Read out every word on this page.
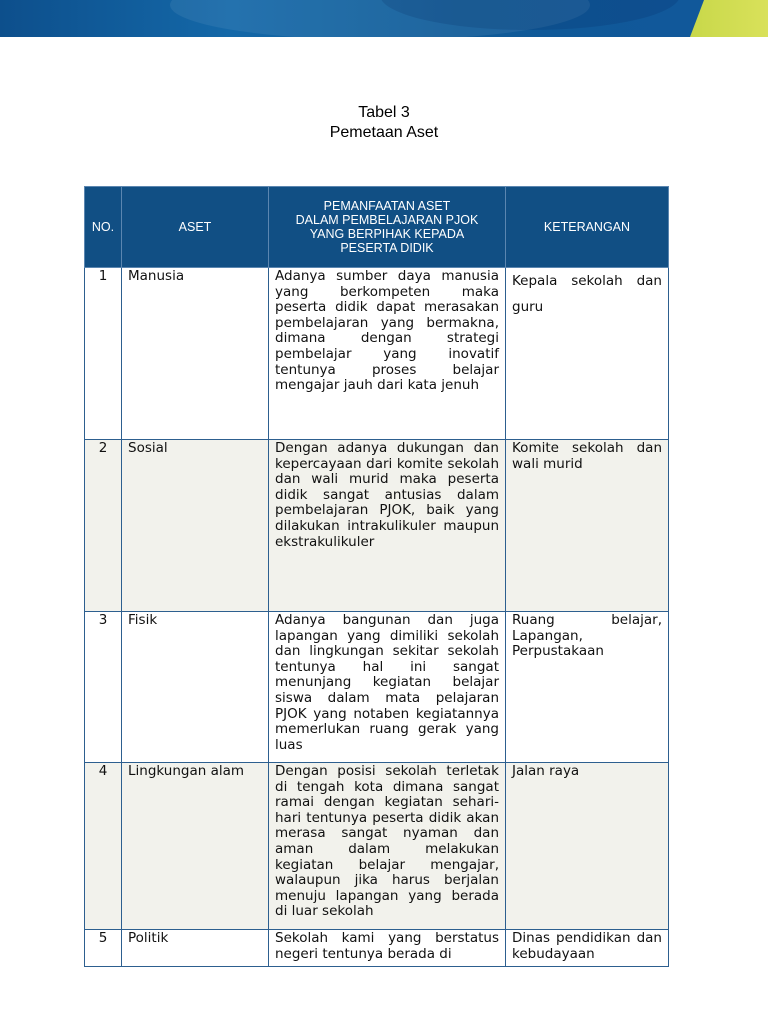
Tabel 3
Pemetaan Aset
NO.	ASET	PEMANFAATAN ASET
DALAM PEMBELAJARAN PJOK
YANG BERPIHAK KEPADA
PESERTA DIDIK	KETERANGAN
1	Manusia	Adanya sumber daya manusia yang berkompeten maka peserta didik dapat merasakan pembelajaran yang bermakna, dimana dengan strategi pembelajar yang inovatif tentunya proses belajar mengajar jauh dari kata jenuh	Kepala sekolah dan guru
2	Sosial	Dengan adanya dukungan dan kepercayaan dari komite sekolah dan wali murid maka peserta didik sangat antusias dalam pembelajaran PJOK, baik yang dilakukan intrakulikuler maupun ekstrakulikuler	Komite sekolah dan wali murid
3	Fisik	Adanya bangunan dan juga lapangan yang dimiliki sekolah dan lingkungan sekitar sekolah tentunya hal ini sangat menunjang kegiatan belajar siswa dalam mata pelajaran PJOK yang notaben kegiatannya memerlukan ruang gerak yang luas	Ruang belajar, Lapangan, Perpustakaan
4	Lingkungan alam	Dengan posisi sekolah terletak di tengah kota dimana sangat ramai dengan kegiatan sehari-hari tentunya peserta didik akan merasa sangat nyaman dan aman dalam melakukan kegiatan belajar mengajar, walaupun jika harus berjalan menuju lapangan yang berada di luar sekolah	Jalan raya
5	Politik	Sekolah kami yang berstatus negeri tentunya berada di	Dinas pendidikan dan kebudayaan
